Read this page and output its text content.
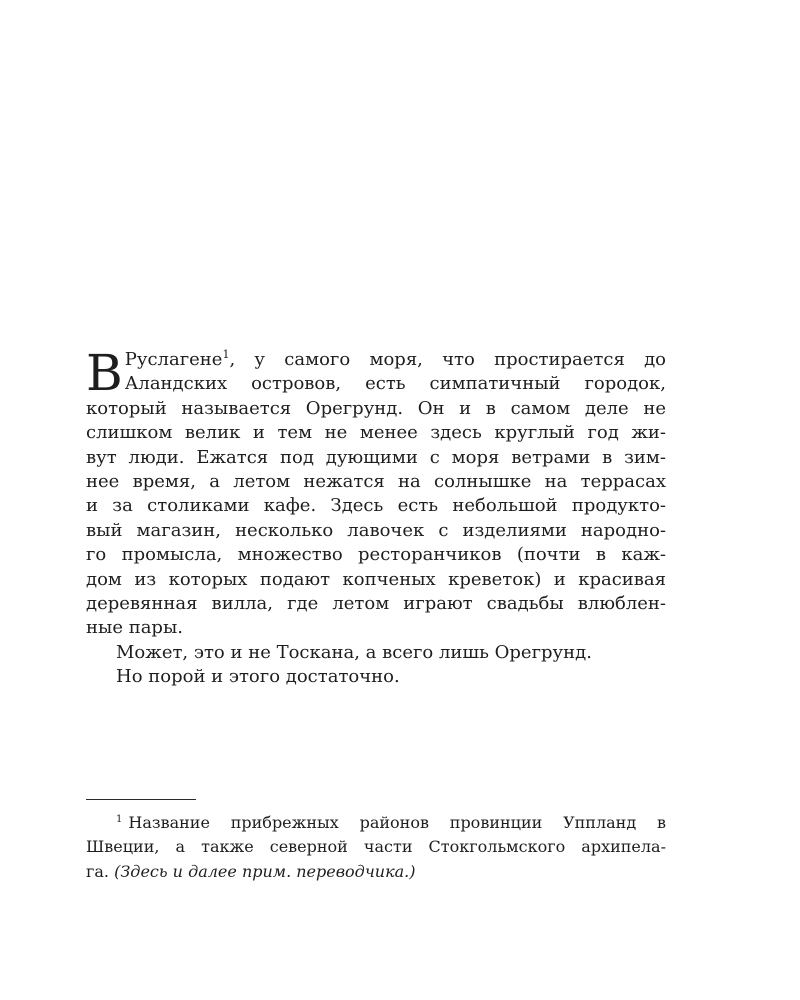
В Руслагене$^1$, у самого моря, что простирается до
Аландских островов, есть симпатичный городок,
который называется Орегрунд. Он и в самом деле не
слишком велик и тем не менее здесь круглый год жи-
вут люди. Ежатся под дующими с моря ветрами в зим-
нее время, а летом нежатся на солнышке на террасах
и за столиками кафе. Здесь есть небольшой продукто-
вый магазин, несколько лавочек с изделиями народно-
го промысла, множество ресторанчиков (почти в каж-
дом из которых подают копченых креветок) и красивая
деревянная вилла, где летом играют свадьбы влюблен-
ные пары.
Может, это и не Тоскана, а всего лишь Орегрунд.
Но порой и этого достаточно.
$^1$ Название прибрежных районов провинции Уппланд в
Швеции, а также северной части Стокгольмского архипела-
га. (Здесь и далее прим. переводчика.)
